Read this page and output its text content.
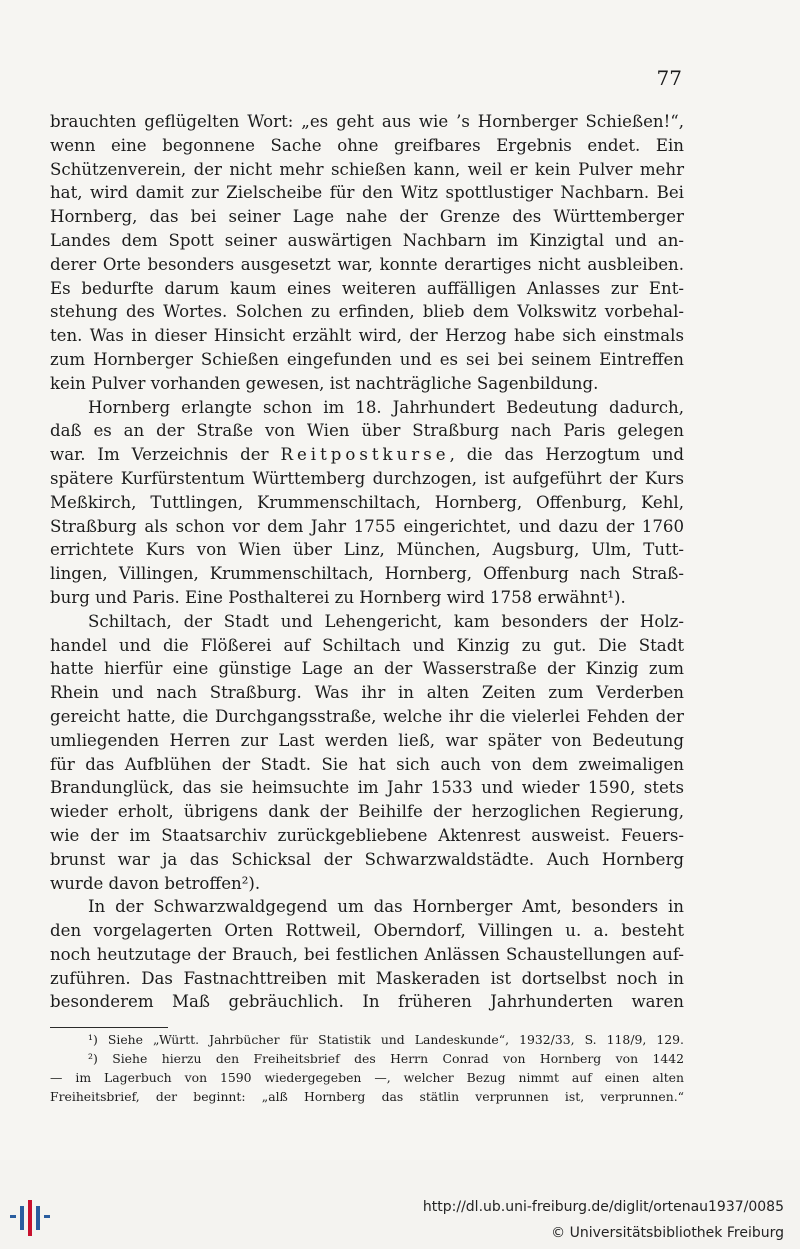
77
brauchten geflügelten Wort: „es geht aus wie ’s Hornberger Schießen!“,
wenn eine begonnene Sache ohne greifbares Ergebnis endet. Ein
Schützenverein, der nicht mehr schießen kann, weil er kein Pulver mehr
hat, wird damit zur Zielscheibe für den Witz spottlustiger Nachbarn. Bei
Hornberg, das bei seiner Lage nahe der Grenze des Württemberger
Landes dem Spott seiner auswärtigen Nachbarn im Kinzigtal und an-
derer Orte besonders ausgesetzt war, konnte derartiges nicht ausbleiben.
Es bedurfte darum kaum eines weiteren auffälligen Anlasses zur Ent-
stehung des Wortes. Solchen zu erfinden, blieb dem Volkswitz vorbehal-
ten. Was in dieser Hinsicht erzählt wird, der Herzog habe sich einstmals
zum Hornberger Schießen eingefunden und es sei bei seinem Eintreffen
kein Pulver vorhanden gewesen, ist nachträgliche Sagenbildung.
Hornberg erlangte schon im 18. Jahrhundert Bedeutung dadurch,
daß es an der Straße von Wien über Straßburg nach Paris gelegen
war. Im Verzeichnis der Reitpostkurse, die das Herzogtum und
spätere Kurfürstentum Württemberg durchzogen, ist aufgeführt der Kurs
Meßkirch, Tuttlingen, Krummenschiltach, Hornberg, Offenburg, Kehl,
Straßburg als schon vor dem Jahr 1755 eingerichtet, und dazu der 1760
errichtete Kurs von Wien über Linz, München, Augsburg, Ulm, Tutt-
lingen, Villingen, Krummenschiltach, Hornberg, Offenburg nach Straß-
burg und Paris. Eine Posthalterei zu Hornberg wird 1758 erwähnt¹).
Schiltach, der Stadt und Lehengericht, kam besonders der Holz-
handel und die Flößerei auf Schiltach und Kinzig zu gut. Die Stadt
hatte hierfür eine günstige Lage an der Wasserstraße der Kinzig zum
Rhein und nach Straßburg. Was ihr in alten Zeiten zum Verderben
gereicht hatte, die Durchgangsstraße, welche ihr die vielerlei Fehden der
umliegenden Herren zur Last werden ließ, war später von Bedeutung
für das Aufblühen der Stadt. Sie hat sich auch von dem zweimaligen
Brandunglück, das sie heimsuchte im Jahr 1533 und wieder 1590, stets
wieder erholt, übrigens dank der Beihilfe der herzoglichen Regierung,
wie der im Staatsarchiv zurückgebliebene Aktenrest ausweist. Feuers-
brunst war ja das Schicksal der Schwarzwaldstädte. Auch Hornberg
wurde davon betroffen²).
In der Schwarzwaldgegend um das Hornberger Amt, besonders in
den vorgelagerten Orten Rottweil, Oberndorf, Villingen u. a. besteht
noch heutzutage der Brauch, bei festlichen Anlässen Schaustellungen auf-
zuführen. Das Fastnachttreiben mit Maskeraden ist dortselbst noch in
besonderem Maß gebräuchlich. In früheren Jahrhunderten waren
¹) Siehe „Württ. Jahrbücher für Statistik und Landeskunde“, 1932/33, S. 118/9, 129.
²) Siehe hierzu den Freiheitsbrief des Herrn Conrad von Hornberg von 1442
— im Lagerbuch von 1590 wiedergegeben —, welcher Bezug nimmt auf einen alten
Freiheitsbrief, der beginnt: „alß Hornberg das stätlin verprunnen ist, verprunnen.“
http://dl.ub.uni-freiburg.de/diglit/ortenau1937/0085
© Universitätsbibliothek Freiburg
